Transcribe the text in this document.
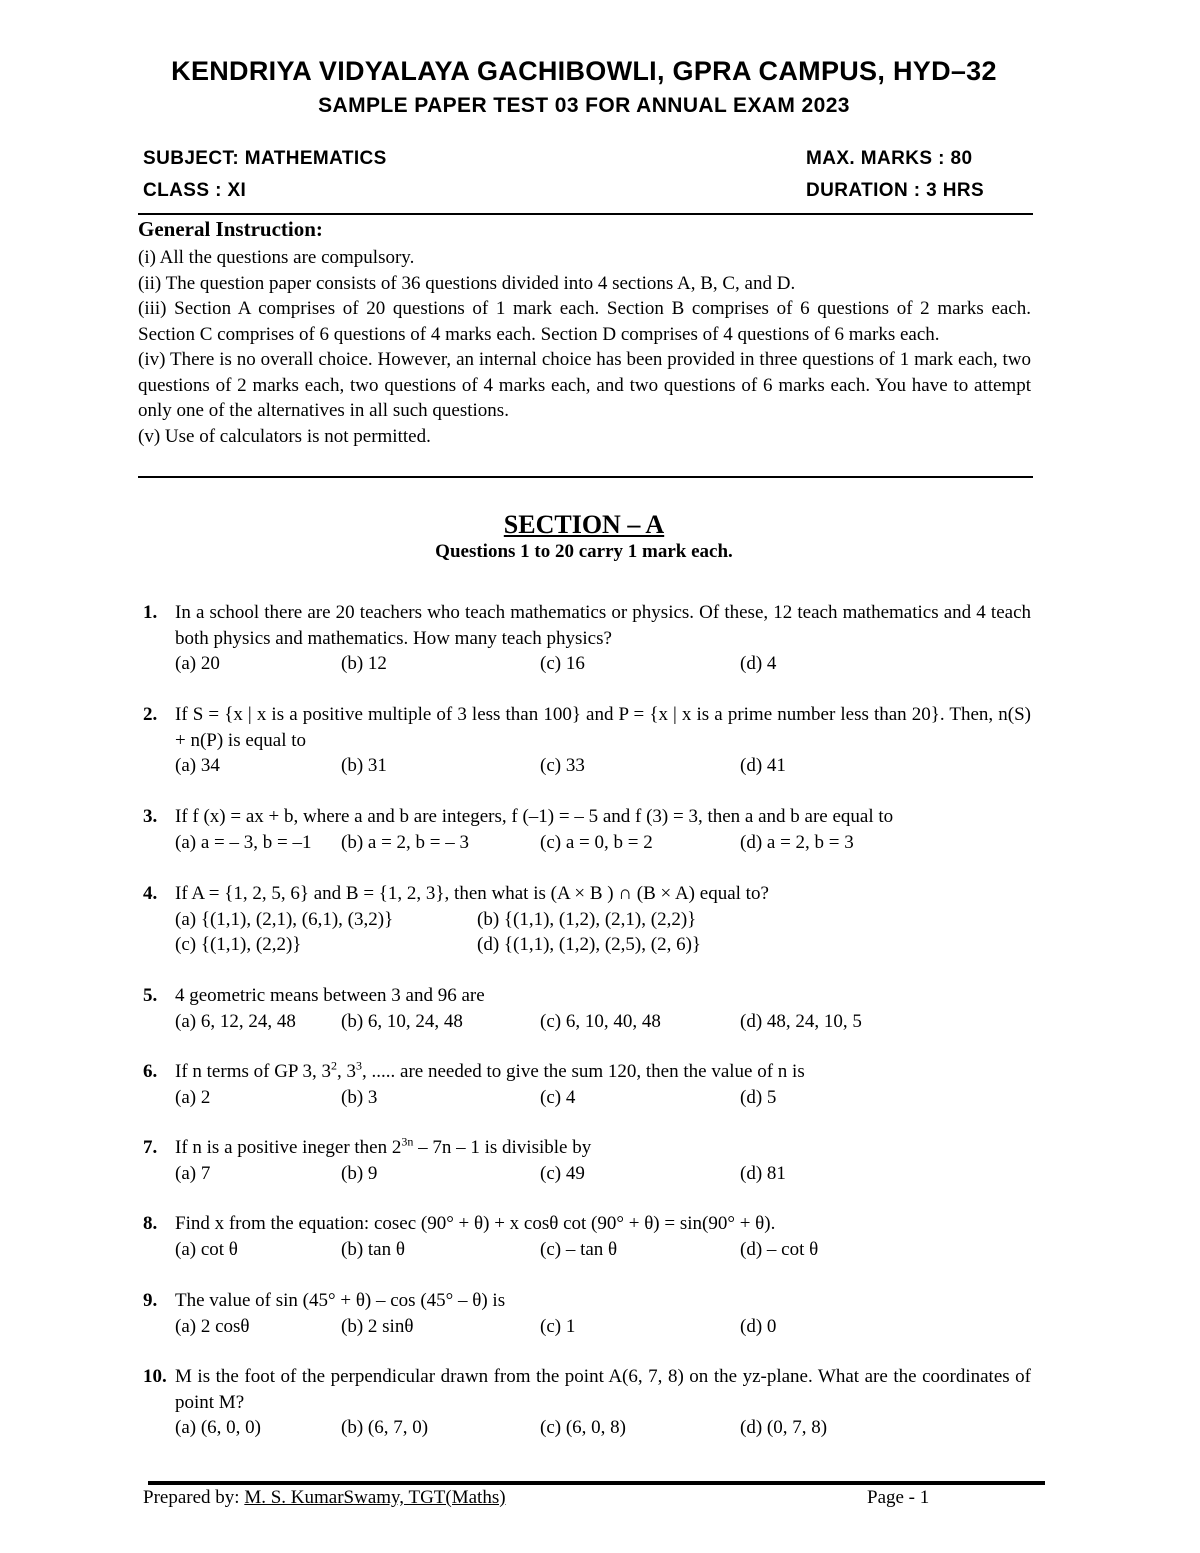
KENDRIYA VIDYALAYA GACHIBOWLI, GPRA CAMPUS, HYD–32
SAMPLE PAPER TEST 03 FOR ANNUAL EXAM 2023
SUBJECT: MATHEMATICS	MAX. MARKS : 80
CLASS : XI	DURATION : 3 HRS
General Instruction:

(i) All the questions are compulsory.

(ii) The question paper consists of 36 questions divided into 4 sections A, B, C, and D.

(iii) Section A comprises of 20 questions of 1 mark each. Section B comprises of 6 questions of 2 marks each. Section C comprises of 6 questions of 4 marks each. Section D comprises of 4 questions of 6 marks each.

(iv) There is no overall choice. However, an internal choice has been provided in three questions of 1 mark each, two questions of 2 marks each, two questions of 4 marks each, and two questions of 6 marks each. You have to attempt only one of the alternatives in all such questions.

(v) Use of calculators is not permitted.

SECTION – A
Questions 1 to 20 carry 1 mark each.
1. In a school there are 20 teachers who teach mathematics or physics. Of these, 12 teach mathematics and 4 teach both physics and mathematics. How many teach physics?
(a) 20	(b) 12	(c) 16	(d) 4
2. If S = {x | x is a positive multiple of 3 less than 100} and P = {x | x is a prime number less than 20}. Then, n(S) + n(P) is equal to
(a) 34	(b) 31	(c) 33	(d) 41
3. If f (x) = ax + b, where a and b are integers, f (–1) = – 5 and f (3) = 3, then a and b are equal to
(a) a = – 3, b = –1 (b) a = 2, b = – 3	(c) a = 0, b = 2	(d) a = 2, b = 3
4. If A = {1, 2, 5, 6} and B = {1, 2, 3}, then what is (A × B ) ∩ (B × A) equal to?
(a) {(1,1), (2,1), (6,1), (3,2)}	(b) {(1,1), (1,2), (2,1), (2,2)}
(c) {(1,1), (2,2)}	(d) {(1,1), (1,2), (2,5), (2, 6)}
5. 4 geometric means between 3 and 96 are
(a) 6, 12, 24, 48 (b) 6, 10, 24, 48	(c) 6, 10, 40, 48	(d) 48, 24, 10, 5
6. If n terms of GP 3, $3^2$, $3^3$, ..... are needed to give the sum 120, then the value of n is
(a) 2	(b) 3	(c) 4	(d) 5
7. If n is a positive ineger then $2^{3n} - 7n - 1$ is divisible by
(a) 7	(b) 9	(c) 49	(d) 81
8. Find x from the equation: cosec (90° + θ) + x cosθ cot (90° + θ) = sin(90° + θ).
(a) cot θ	(b) tan θ	(c) – tan θ	(d) – cot θ
9. The value of sin (45° + θ) – cos (45° – θ) is
(a) 2 cosθ	(b) 2 sinθ	(c) 1	(d) 0
10. M is the foot of the perpendicular drawn from the point A(6, 7, 8) on the yz-plane. What are the coordinates of point M?
(a) (6, 0, 0)	(b) (6, 7, 0)	(c) (6, 0, 8)	(d) (0, 7, 8)
Prepared by: M. S. KumarSwamy, TGT(Maths)	Page - 1
